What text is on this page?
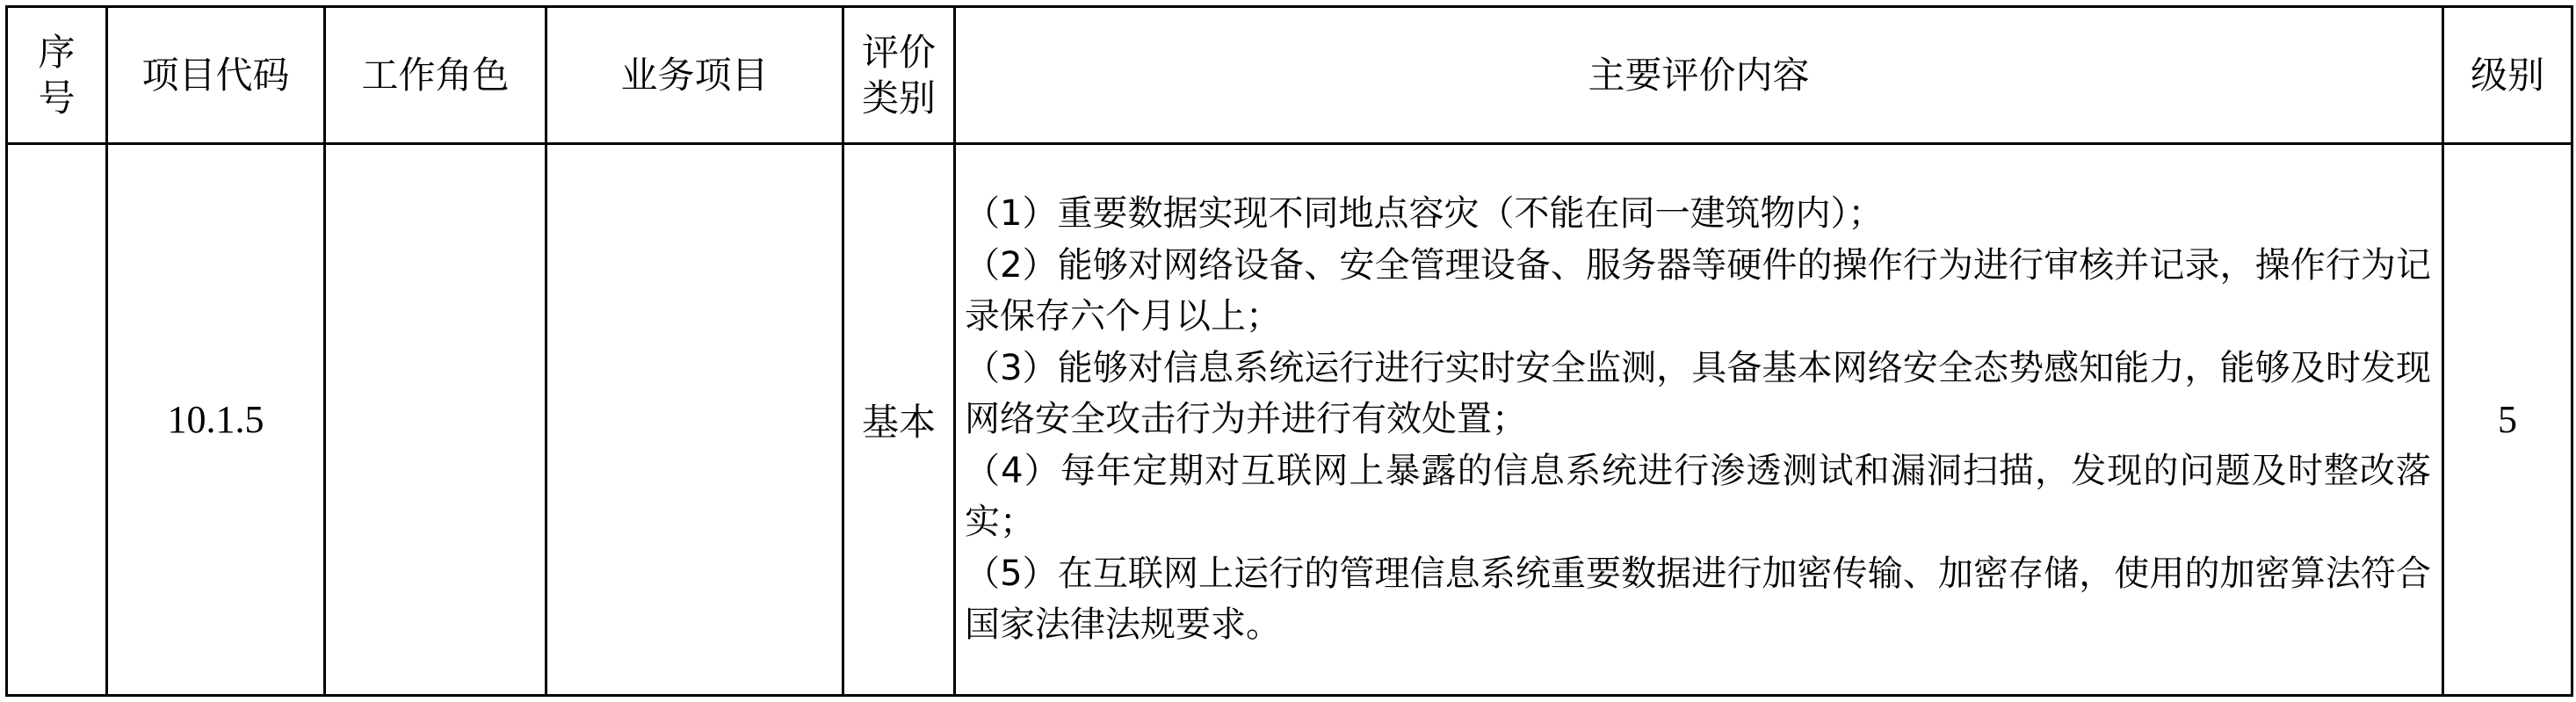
序号	项目代码	工作角色	业务项目	评价类别	主要评价内容	级别
	10.1.5			基本	（1）重要数据实现不同地点容灾（不能在同一建筑物内）；
（2）能够对网络设备、安全管理设备、服务器等硬件的操作行为进行审核并记录，操作行为记录保存六个月以上；
（3）能够对信息系统运行进行实时安全监测，具备基本网络安全态势感知能力，能够及时发现网络安全攻击行为并进行有效处置；
（4）每年定期对互联网上暴露的信息系统进行渗透测试和漏洞扫描，发现的问题及时整改落实；
（5）在互联网上运行的管理信息系统重要数据进行加密传输、加密存储，使用的加密算法符合国家法律法规要求。	5
